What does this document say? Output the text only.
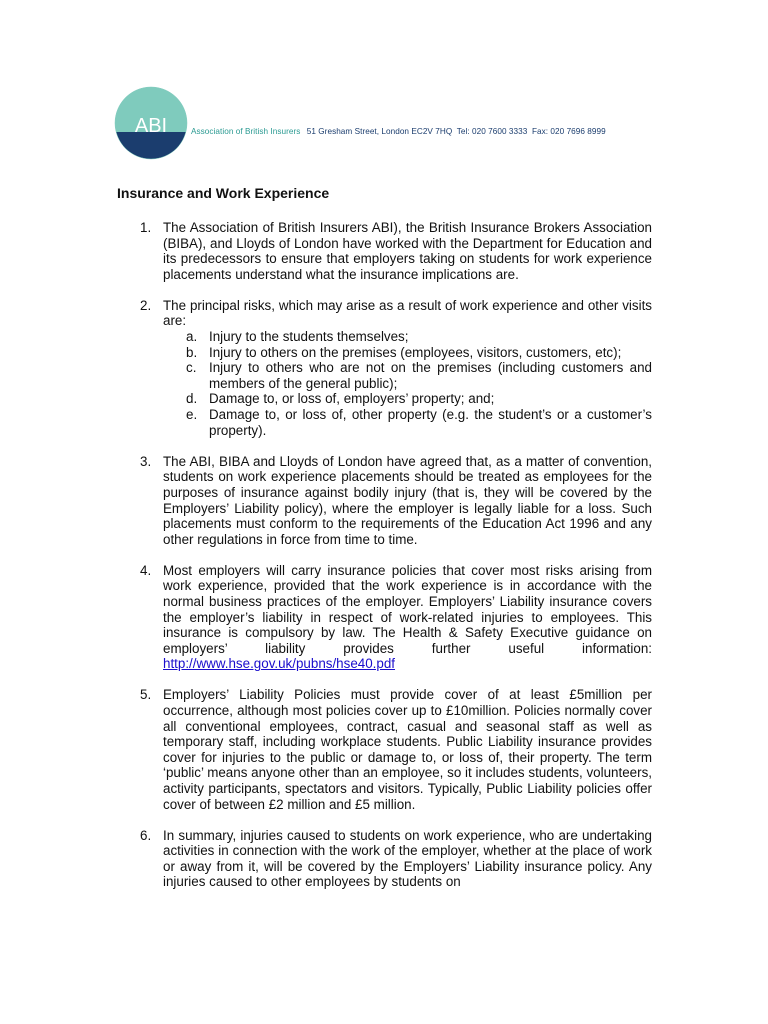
ABI	Association of British Insurers 51 Gresham Street, London EC2V 7HQ Tel: 020 7600 3333 Fax: 020 7696 8999
Insurance and Work Experience
1. The Association of British Insurers ABI), the British Insurance Brokers Association (BIBA), and Lloyds of London have worked with the Department for Education and its predecessors to ensure that employers taking on students for work experience placements understand what the insurance implications are.
2. The principal risks, which may arise as a result of work experience and other visits are:
a. Injury to the students themselves;
b. Injury to others on the premises (employees, visitors, customers, etc);
c. Injury to others who are not on the premises (including customers and members of the general public);
d. Damage to, or loss of, employers’ property; and;
e. Damage to, or loss of, other property (e.g. the student’s or a customer’s property).
3. The ABI, BIBA and Lloyds of London have agreed that, as a matter of convention, students on work experience placements should be treated as employees for the purposes of insurance against bodily injury (that is, they will be covered by the Employers’ Liability policy), where the employer is legally liable for a loss. Such placements must conform to the requirements of the Education Act 1996 and any other regulations in force from time to time.
4. Most employers will carry insurance policies that cover most risks arising from work experience, provided that the work experience is in accordance with the normal business practices of the employer. Employers’ Liability insurance covers the employer’s liability in respect of work-related injuries to employees. This insurance is compulsory by law. The Health & Safety Executive guidance on employers’ liability provides further useful information: http://www.hse.gov.uk/pubns/hse40.pdf
5. Employers’ Liability Policies must provide cover of at least £5million per occurrence, although most policies cover up to £10million. Policies normally cover all conventional employees, contract, casual and seasonal staff as well as temporary staff, including workplace students. Public Liability insurance provides cover for injuries to the public or damage to, or loss of, their property. The term ‘public’ means anyone other than an employee, so it includes students, volunteers, activity participants, spectators and visitors. Typically, Public Liability policies offer cover of between £2 million and £5 million.
6. In summary, injuries caused to students on work experience, who are undertaking activities in connection with the work of the employer, whether at the place of work or away from it, will be covered by the Employers’ Liability insurance policy. Any injuries caused to other employees by students on
